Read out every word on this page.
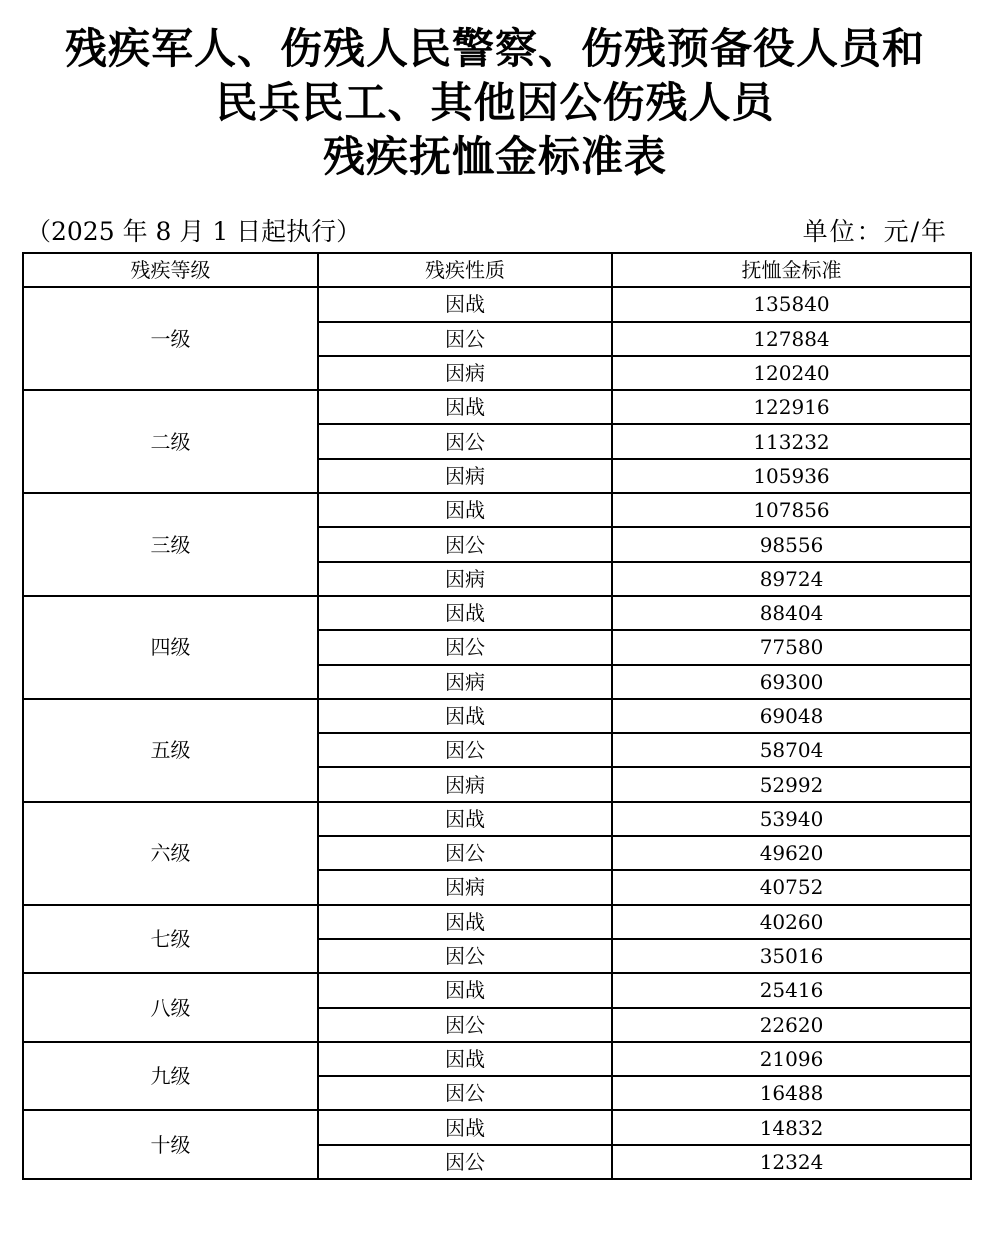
残疾军人、伤残人民警察、伤残预备役人员和
民兵民工、其他因公伤残人员
残疾抚恤金标准表
（2025 年 8 月 1 日起执行）	单位：元/年
残疾等级	残疾性质	抚恤金标准
一级	因战	135840
	因公	127884
	因病	120240
二级	因战	122916
	因公	113232
	因病	105936
三级	因战	107856
	因公	98556
	因病	89724
四级	因战	88404
	因公	77580
	因病	69300
五级	因战	69048
	因公	58704
	因病	52992
六级	因战	53940
	因公	49620
	因病	40752
七级	因战	40260
	因公	35016
八级	因战	25416
	因公	22620
九级	因战	21096
	因公	16488
十级	因战	14832
	因公	12324
